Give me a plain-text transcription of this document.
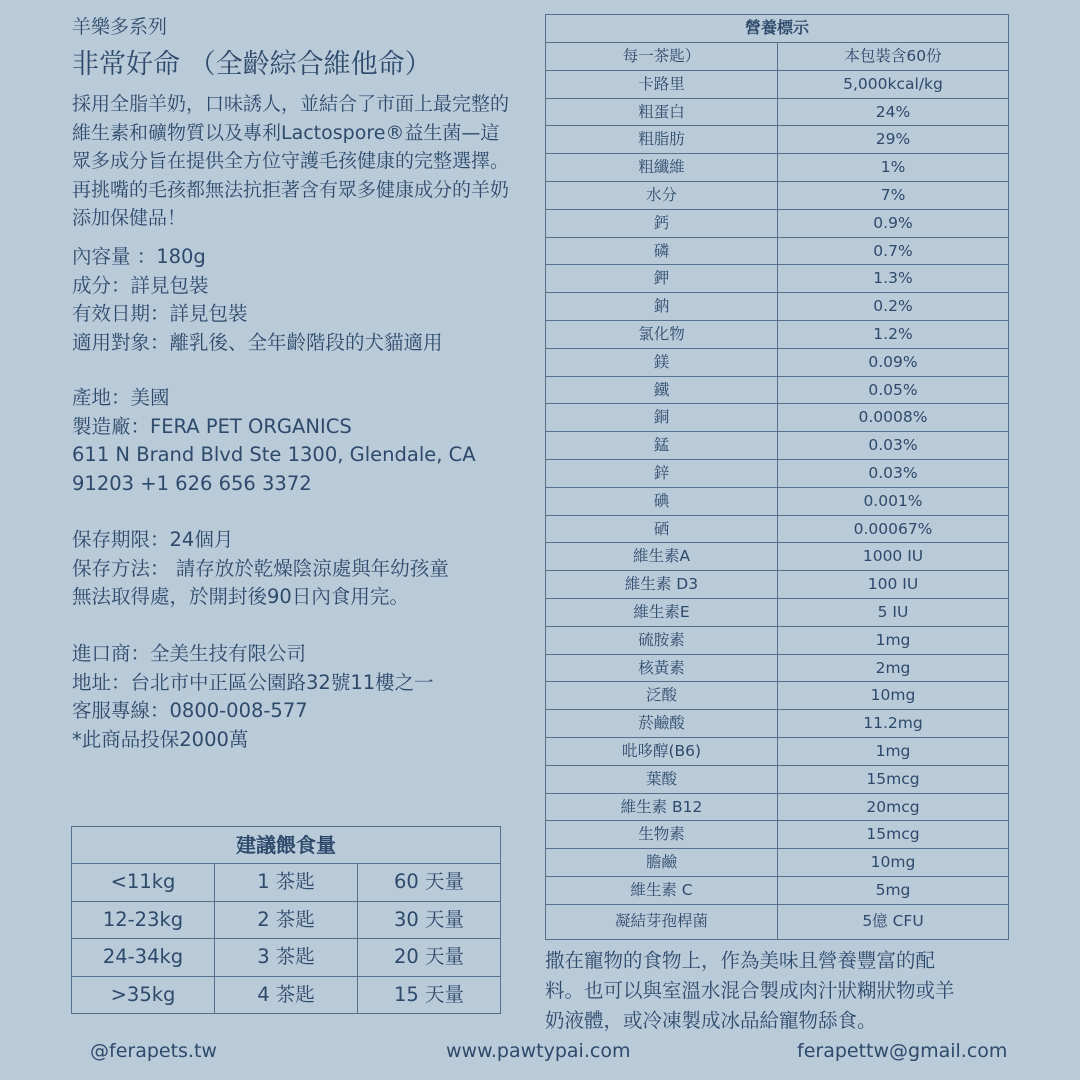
羊樂多系列
非常好命 （全齡綜合維他命）
採用全脂羊奶，口味誘人，並結合了市面上最完整的維生素和礦物質以及專利Lactospore®益生菌—這眾多成分旨在提供全方位守護毛孩健康的完整選擇。再挑嘴的毛孩都無法抗拒著含有眾多健康成分的羊奶添加保健品！
內容量 ：180g
成分：詳見包裝
有效日期：詳見包裝
適用對象：離乳後、全年齡階段的犬貓適用
產地：美國
製造廠：FERA PET ORGANICS
611 N Brand Blvd Ste 1300, Glendale, CA
91203 +1 626 656 3372
保存期限：24個月
保存方法： 請存放於乾燥陰涼處與年幼孩童
無法取得處，於開封後90日內食用完。
進口商：全美生技有限公司
地址：台北市中正區公園路32號11樓之一
客服專線：0800-008-577
*此商品投保2000萬
建議餵食量
<11kg	1 茶匙	60 天量
12-23kg	2 茶匙	30 天量
24-34kg	3 茶匙	20 天量
>35kg	4 茶匙	15 天量
營養標示
每一茶匙）	本包裝含60份
卡路里	5,000kcal/kg
粗蛋白	24%
粗脂肪	29%
粗纖維	1%
水分	7%
鈣	0.9%
磷	0.7%
鉀	1.3%
鈉	0.2%
氯化物	1.2%
鎂	0.09%
鐵	0.05%
銅	0.0008%
錳	0.03%
鋅	0.03%
碘	0.001%
硒	0.00067%
維生素A	1000 IU
維生素 D3	100 IU
維生素E	5 IU
硫胺素	1mg
核黃素	2mg
泛酸	10mg
菸鹼酸	11.2mg
吡哆醇(B6)	1mg
葉酸	15mcg
維生素 B12	20mcg
生物素	15mcg
膽鹼	10mg
維生素 C	5mg
凝結芽孢桿菌	5億 CFU
撒在寵物的食物上，作為美味且營養豐富的配
料。也可以與室溫水混合製成肉汁狀糊狀物或羊
奶液體，或冷凍製成冰品給寵物舔食。
@ferapets.tw	www.pawtypai.com	ferapettw@gmail.com
